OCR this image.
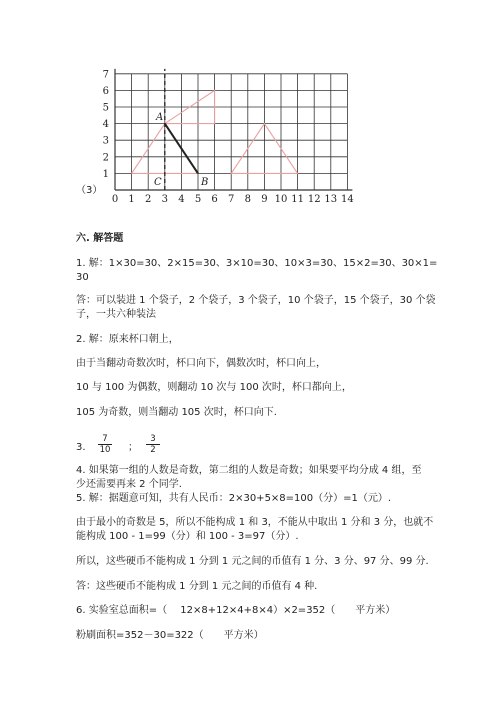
0 1 2 3 4 5 6 7 8 9 10 11 12 13 14
1
2
3
4
5
6
7
A
B
C
（3）
六. 解答题
1. 解：1×30=30、2×15=30、3×10=30、10×3=30、15×2=30、30×1=
30
答：可以装进 1 个袋子，2 个袋子，3 个袋子，10 个袋子，15 个袋子，30 个袋
子，一共六种装法
2. 解：原来杯口朝上，
由于当翻动奇数次时，杯口向下，偶数次时，杯口向上，
10 与 100 为偶数，则翻动 10 次与 100 次时，杯口都向上，
105 为奇数，则当翻动 105 次时，杯口向下.
3. $\frac{7}{10}$ ； $\frac{3}{2}$
4. 如果第一组的人数是奇数，第二组的人数是奇数；如果要平均分成 4 组，至
少还需要再来 2 个同学.
5. 解：据题意可知，共有人民币：2×30+5×8=100（分）=1（元）.
由于最小的奇数是 5，所以不能构成 1 和 3，不能从中取出 1 分和 3 分，也就不
能构成 100 - 1=99（分）和 100 - 3=97（分）.
所以，这些硬币不能构成 1 分到 1 元之间的币值有 1 分、3 分、97 分、99 分.
答：这些硬币不能构成 1 分到 1 元之间的币值有 4 种.
6. 实验室总面积=（　 12×8+12×4+8×4）×2=352（　　平方米）
粉刷面积=352－30=322（　　平方米）
